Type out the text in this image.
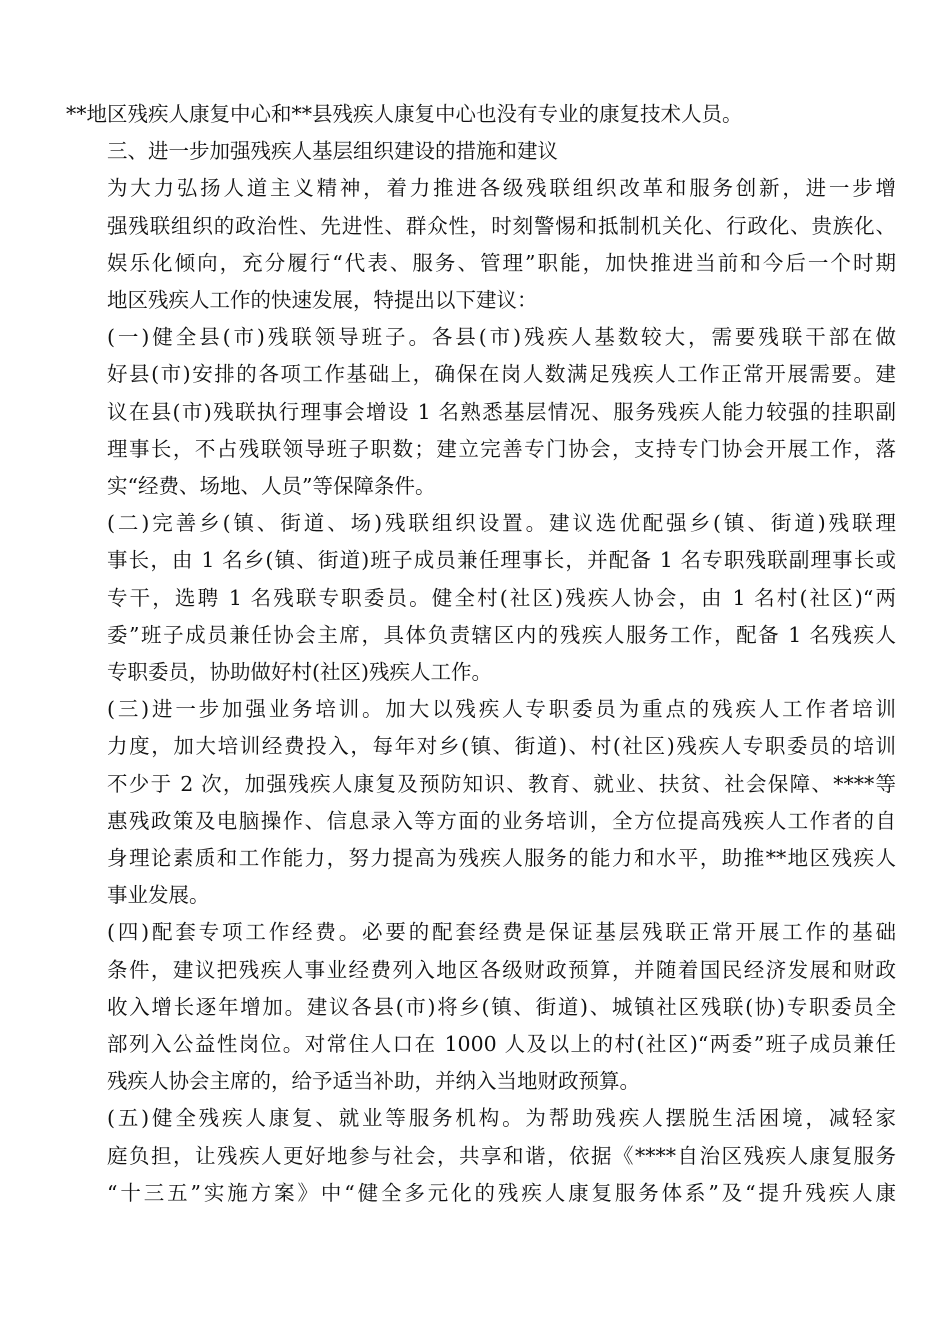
**地区残疾人康复中心和**县残疾人康复中心也没有专业的康复技术人员。
三、进一步加强残疾人基层组织建设的措施和建议
为大力弘扬人道主义精神，着力推进各级残联组织改革和服务创新，进一步增
强残联组织的政治性、先进性、群众性，时刻警惕和抵制机关化、行政化、贵族化、
娱乐化倾向，充分履行“代表、服务、管理”职能，加快推进当前和今后一个时期
地区残疾人工作的快速发展，特提出以下建议：
(一)健全县(市)残联领导班子。各县(市)残疾人基数较大，需要残联干部在做
好县(市)安排的各项工作基础上，确保在岗人数满足残疾人工作正常开展需要。建
议在县(市)残联执行理事会增设 1 名熟悉基层情况、服务残疾人能力较强的挂职副
理事长，不占残联领导班子职数；建立完善专门协会，支持专门协会开展工作，落
实“经费、场地、人员”等保障条件。
(二)完善乡(镇、街道、场)残联组织设置。建议选优配强乡(镇、街道)残联理
事长，由 1 名乡(镇、街道)班子成员兼任理事长，并配备 1 名专职残联副理事长或
专干，选聘 1 名残联专职委员。健全村(社区)残疾人协会，由 1 名村(社区)“两
委”班子成员兼任协会主席，具体负责辖区内的残疾人服务工作，配备 1 名残疾人
专职委员，协助做好村(社区)残疾人工作。
(三)进一步加强业务培训。加大以残疾人专职委员为重点的残疾人工作者培训
力度，加大培训经费投入，每年对乡(镇、街道)、村(社区)残疾人专职委员的培训
不少于 2 次，加强残疾人康复及预防知识、教育、就业、扶贫、社会保障、****等
惠残政策及电脑操作、信息录入等方面的业务培训，全方位提高残疾人工作者的自
身理论素质和工作能力，努力提高为残疾人服务的能力和水平，助推**地区残疾人
事业发展。
(四)配套专项工作经费。必要的配套经费是保证基层残联正常开展工作的基础
条件，建议把残疾人事业经费列入地区各级财政预算，并随着国民经济发展和财政
收入增长逐年增加。建议各县(市)将乡(镇、街道)、城镇社区残联(协)专职委员全
部列入公益性岗位。对常住人口在 1000 人及以上的村(社区)“两委”班子成员兼任
残疾人协会主席的，给予适当补助，并纳入当地财政预算。
(五)健全残疾人康复、就业等服务机构。为帮助残疾人摆脱生活困境，减轻家
庭负担，让残疾人更好地参与社会，共享和谐，依据《****自治区残疾人康复服务
“十三五”实施方案》中“健全多元化的残疾人康复服务体系”及“提升残疾人康
